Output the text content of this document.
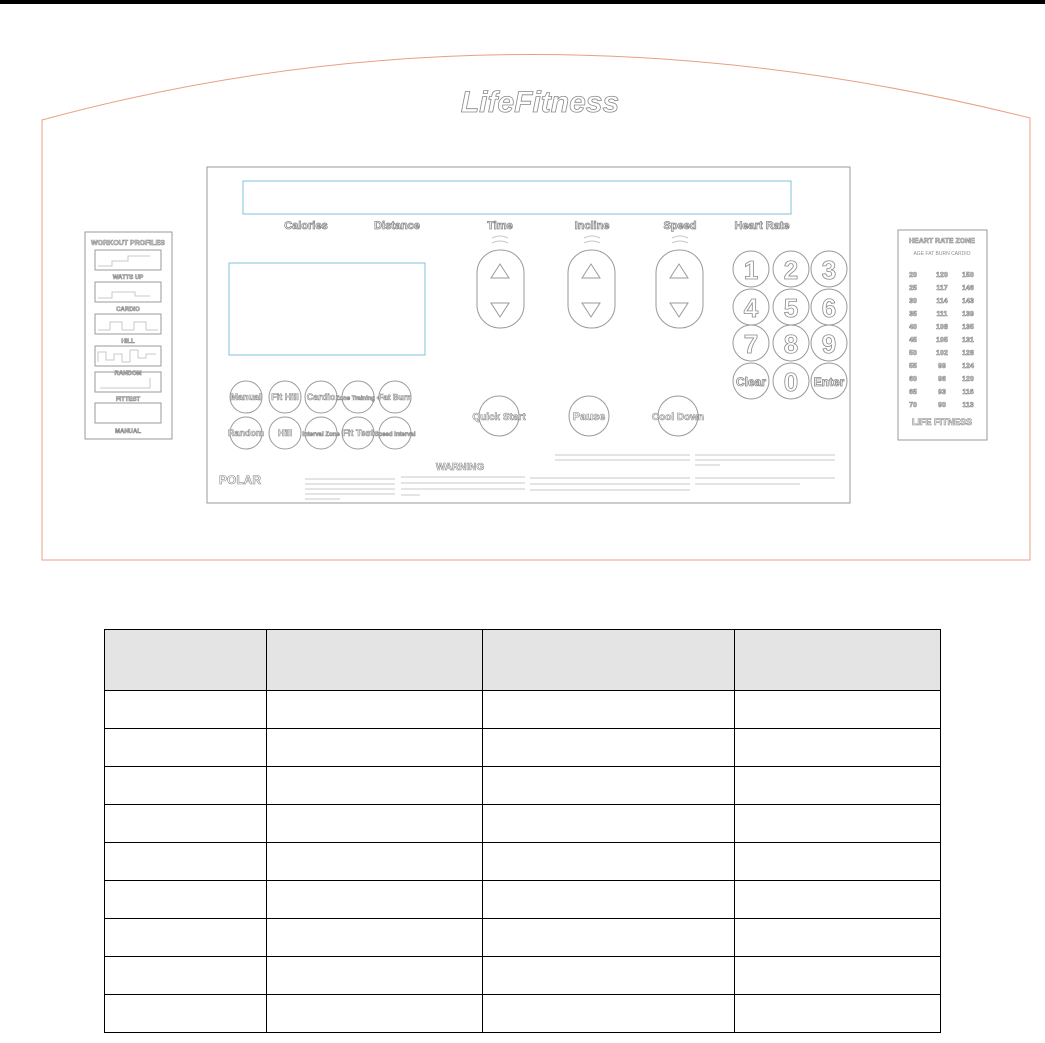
LifeFitness
Calories	Distance	Time	Incline	Speed	Heart Rate
1 2 3
4 5 6
7 8 9
Clear 0 Enter
Manual Fit Hill Cardio Zone Training +
Fat Burn
Random Hill Interval Zone Fit Test Speed Interval
Quick Start	Pause	Cool Down
WARNING
POLAR
WORKOUT PROFILES
WATTS UP
CARDIO
HILL
RANDOM
FITTEST
MANUAL
HEART RATE ZONE
AGE FAT BURN CARDIO
20	120 150
25	117 146
30	114 143
35	111 139
40	108 135
45	105 131
50	102 128
55	99 124
60	96 120
65	93 116
70	90 113
LIFE FITNESS
